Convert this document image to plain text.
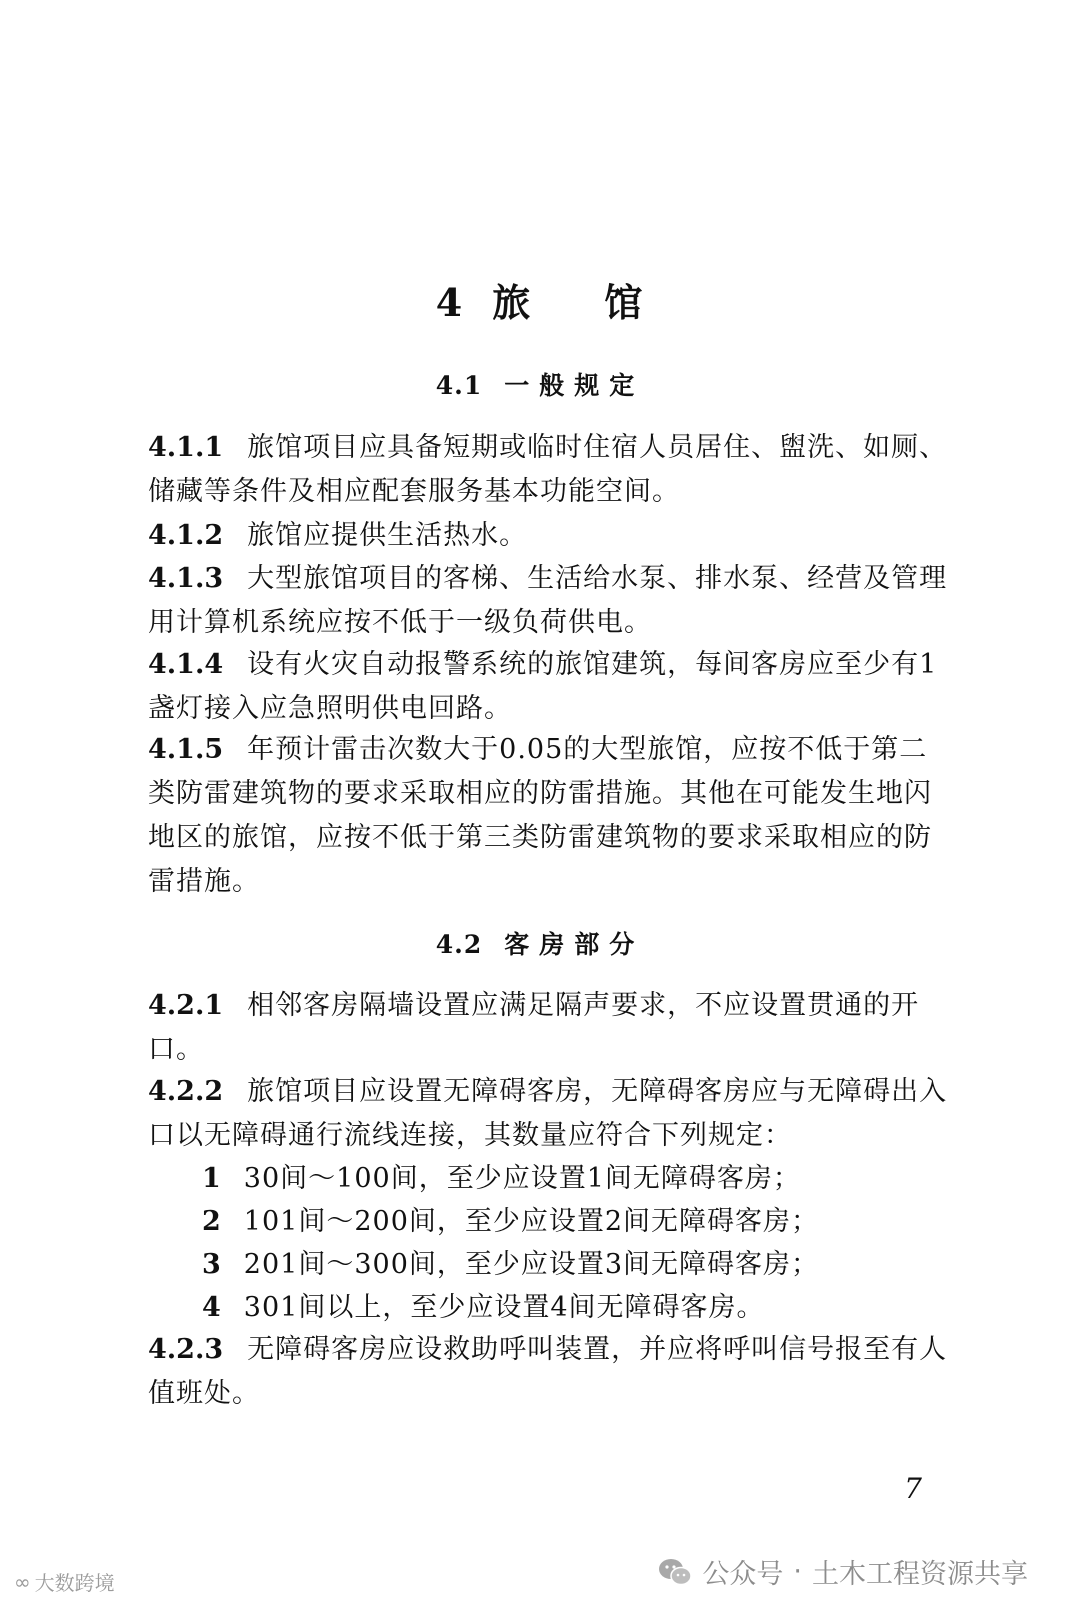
4 旅 馆
4.1 一般规定

4.1.1 旅馆项目应具备短期或临时住宿人员居住、盥洗、如厕、储藏等条件及相应配套服务基本功能空间。

4.1.2 旅馆应提供生活热水。

4.1.3 大型旅馆项目的客梯、生活给水泵、排水泵、经营及管理用计算机系统应按不低于一级负荷供电。

4.1.4 设有火灾自动报警系统的旅馆建筑，每间客房应至少有1盏灯接入应急照明供电回路。

4.1.5 年预计雷击次数大于0.05的大型旅馆，应按不低于第二类防雷建筑物的要求采取相应的防雷措施。其他在可能发生地闪地区的旅馆，应按不低于第三类防雷建筑物的要求采取相应的防雷措施。

4.2 客房部分

4.2.1 相邻客房隔墙设置应满足隔声要求，不应设置贯通的开口。

4.2.2 旅馆项目应设置无障碍客房，无障碍客房应与无障碍出入口以无障碍通行流线连接，其数量应符合下列规定：

1 30间～100间，至少应设置1间无障碍客房；
2 101间～200间，至少应设置2间无障碍客房；
3 201间～300间，至少应设置3间无障碍客房；
4 301间以上，至少应设置4间无障碍客房。

4.2.3 无障碍客房应设救助呼叫装置，并应将呼叫信号报至有人值班处。

7
∞ 大数跨境	公众号 · 土木工程资源共享
